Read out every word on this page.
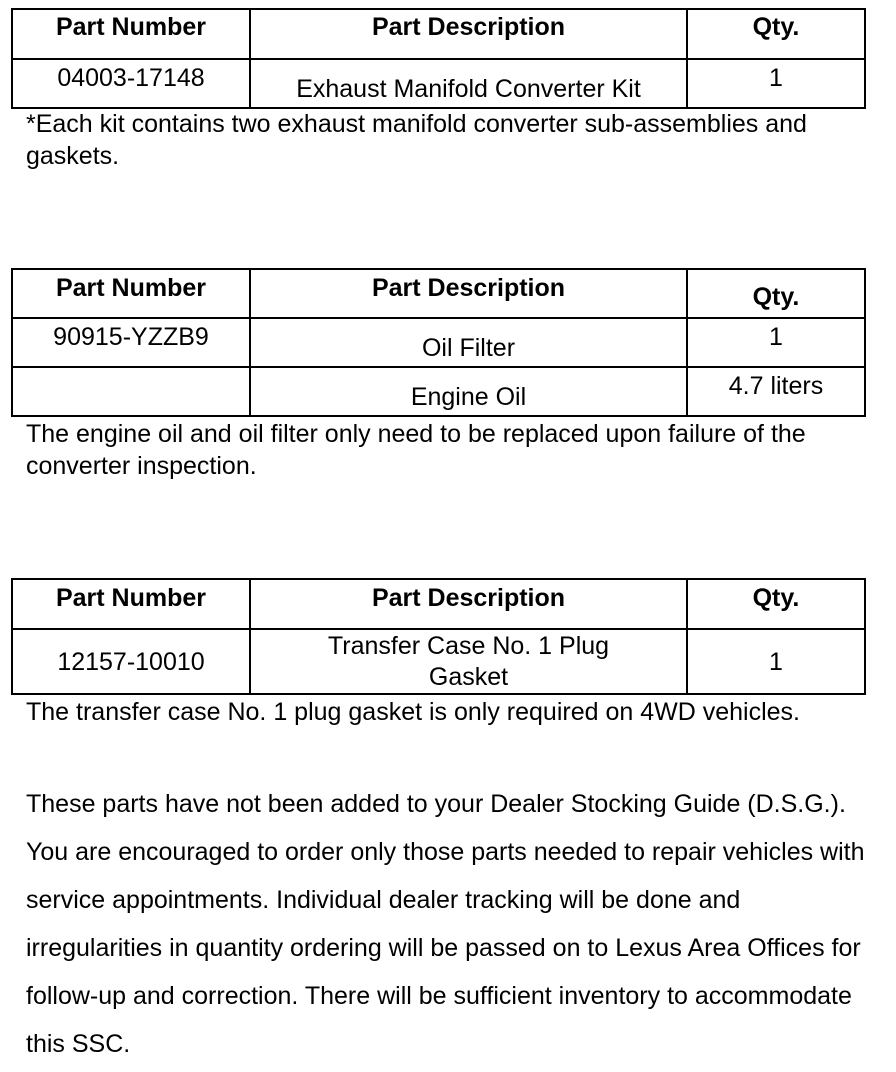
Part Number	Part Description	Qty.
04003-17148	Exhaust Manifold Converter Kit	1

*Each kit contains two exhaust manifold converter sub-assemblies and gaskets.

Part Number	Part Description	Qty.
90915-YZZB9	Oil Filter	1
	Engine Oil	4.7 liters

The engine oil and oil filter only need to be replaced upon failure of the converter inspection.

Part Number	Part Description	Qty.
12157-10010	Transfer Case No. 1 Plug Gasket	1

The transfer case No. 1 plug gasket is only required on 4WD vehicles.

These parts have not been added to your Dealer Stocking Guide (D.S.G.). You are encouraged to order only those parts needed to repair vehicles with service appointments. Individual dealer tracking will be done and irregularities in quantity ordering will be passed on to Lexus Area Offices for follow-up and correction. There will be sufficient inventory to accommodate this SSC.
